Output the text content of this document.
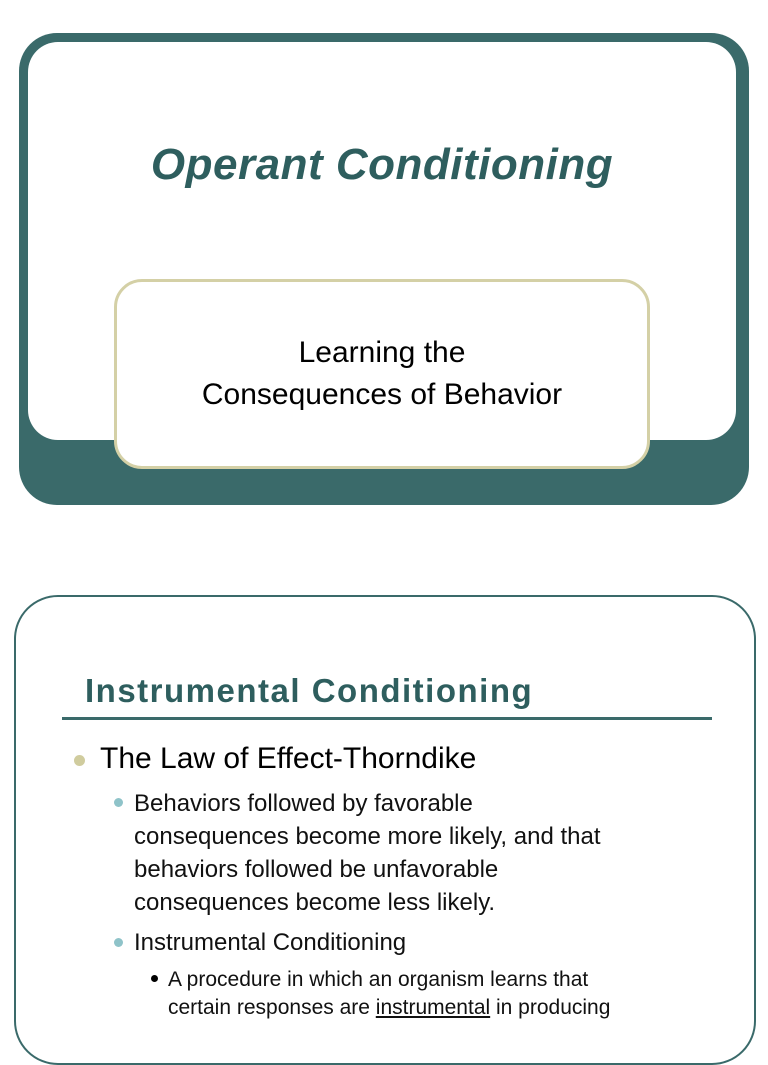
Operant Conditioning
Learning the
Consequences of Behavior
Instrumental Conditioning
The Law of Effect-Thorndike
Behaviors followed by favorable
consequences become more likely, and that
behaviors followed be unfavorable
consequences become less likely.
Instrumental Conditioning
A procedure in which an organism learns that
certain responses are instrumental in producing
